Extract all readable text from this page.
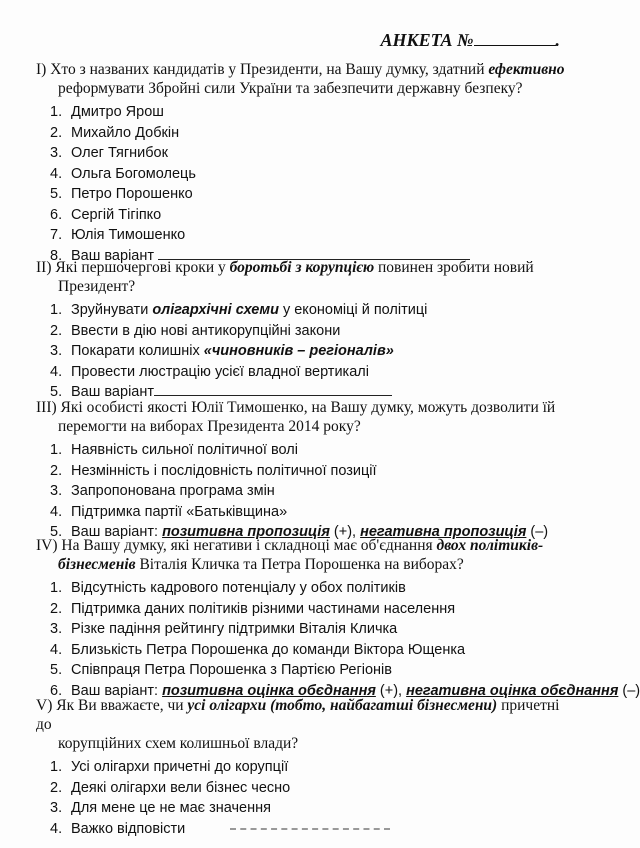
АНКЕТА №	.
I) Хто з названих кандидатів у Президенти, на Вашу думку, здатний ефективно
реформувати Збройні сили України та забезпечити державну безпеку?
1. Дмитро Ярош
2. Михайло Добкін
3. Олег Тягнибок
4. Ольга Богомолець
5. Петро Порошенко
6. Сергій Тігіпко
7. Юлія Тимошенко
8. Ваш варіант
II) Які першочергові кроки у боротьбі з корупцією повинен зробити новий
Президент?
1. Зруйнувати олігархічні схеми у економіці й політиці
2. Ввести в дію нові антикорупційні закони
3. Покарати колишніх «чиновників – регіоналів»
4. Провести люстрацію усієї владної вертикалі
5. Ваш варіант
III) Які особисті якості Юлії Тимошенко, на Вашу думку, можуть дозволити їй
перемогти на виборах Президента 2014 року?
1. Наявність сильної політичної волі
2. Незмінність і послідовність політичної позиції
3. Запропонована програма змін
4. Підтримка партії «Батьківщина»
5. Ваш варіант: позитивна пропозиція (+), негативна пропозиція (–)
IV) На Вашу думку, які негативи і складноці має об'єднання двох політиків-
бізнесменів Віталія Кличка та Петра Порошенка на виборах?
1. Відсутність кадрового потенціалу у обох політиків
2. Підтримка даних політиків різними частинами населення
3. Різке падіння рейтингу підтримки Віталія Кличка
4. Близькість Петра Порошенка до команди Віктора Ющенка
5. Співпраця Петра Порошенка з Партією Регіонів
6. Ваш варіант: позитивна оцінка обєднання (+), негативна оцінка обєднання (–)
V) Як Ви вважаєте, чи усі олігархи (тобто, найбагатші бізнесмени) причетні до
корупційних схем колишньої влади?
1. Усі олігархи причетні до корупції
2. Деякі олігархи вели бізнес чесно
3. Для мене це не має значення
4. Важко відповісти
